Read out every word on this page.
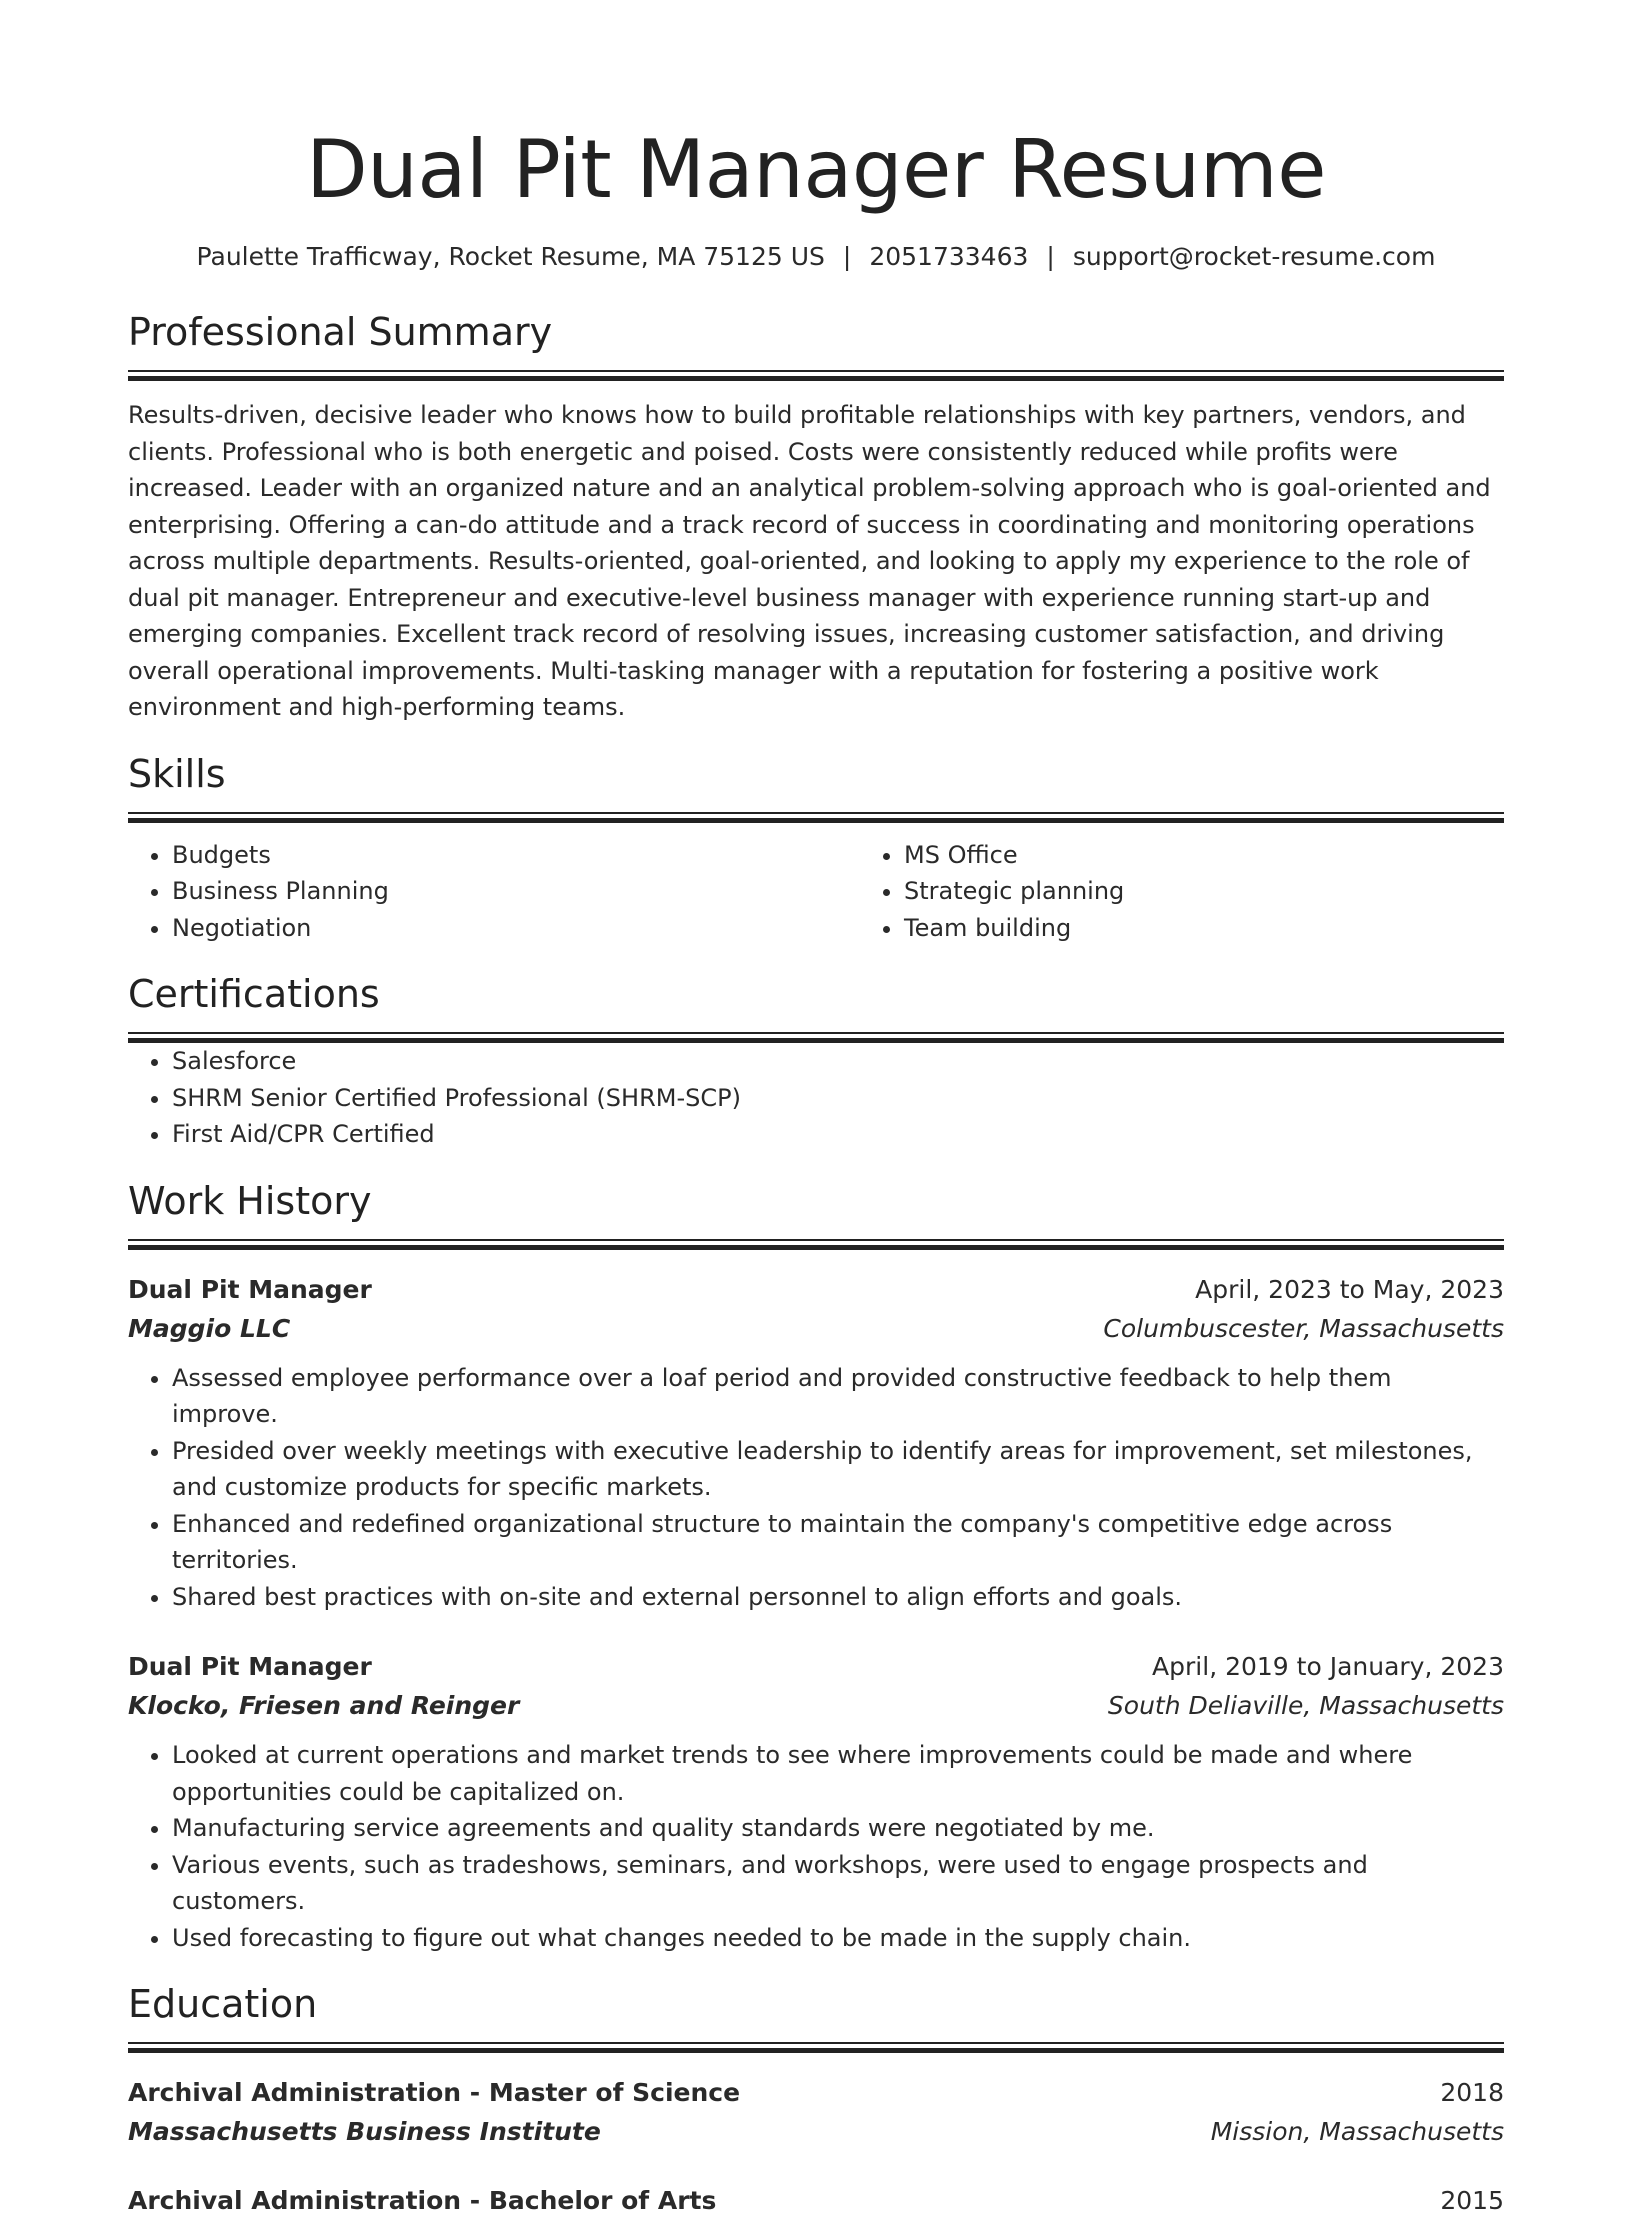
Dual Pit Manager Resume
Paulette Trafficway, Rocket Resume, MA 75125 US | 2051733463 | support@rocket-resume.com
Professional Summary
Results-driven, decisive leader who knows how to build profitable relationships with key partners, vendors, and clients. Professional who is both energetic and poised. Costs were consistently reduced while profits were increased. Leader with an organized nature and an analytical problem-solving approach who is goal-oriented and enterprising. Offering a can-do attitude and a track record of success in coordinating and monitoring operations across multiple departments. Results-oriented, goal-oriented, and looking to apply my experience to the role of dual pit manager. Entrepreneur and executive-level business manager with experience running start-up and emerging companies. Excellent track record of resolving issues, increasing customer satisfaction, and driving overall operational improvements. Multi-tasking manager with a reputation for fostering a positive work environment and high-performing teams.
Skills
• Budgets
• Business Planning
• Negotiation
• MS Office
• Strategic planning
• Team building
Certifications
• Salesforce
• SHRM Senior Certified Professional (SHRM-SCP)
• First Aid/CPR Certified
Work History
Dual Pit Manager	April, 2023 to May, 2023
Maggio LLC	Columbuscester, Massachusetts
• Assessed employee performance over a loaf period and provided constructive feedback to help them improve.
• Presided over weekly meetings with executive leadership to identify areas for improvement, set milestones, and customize products for specific markets.
• Enhanced and redefined organizational structure to maintain the company's competitive edge across territories.
• Shared best practices with on-site and external personnel to align efforts and goals.
Dual Pit Manager	April, 2019 to January, 2023
Klocko, Friesen and Reinger	South Deliaville, Massachusetts
• Looked at current operations and market trends to see where improvements could be made and where opportunities could be capitalized on.
• Manufacturing service agreements and quality standards were negotiated by me.
• Various events, such as tradeshows, seminars, and workshops, were used to engage prospects and customers.
• Used forecasting to figure out what changes needed to be made in the supply chain.
Education
Archival Administration - Master of Science	2018
Massachusetts Business Institute	Mission, Massachusetts
Archival Administration - Bachelor of Arts	2015
